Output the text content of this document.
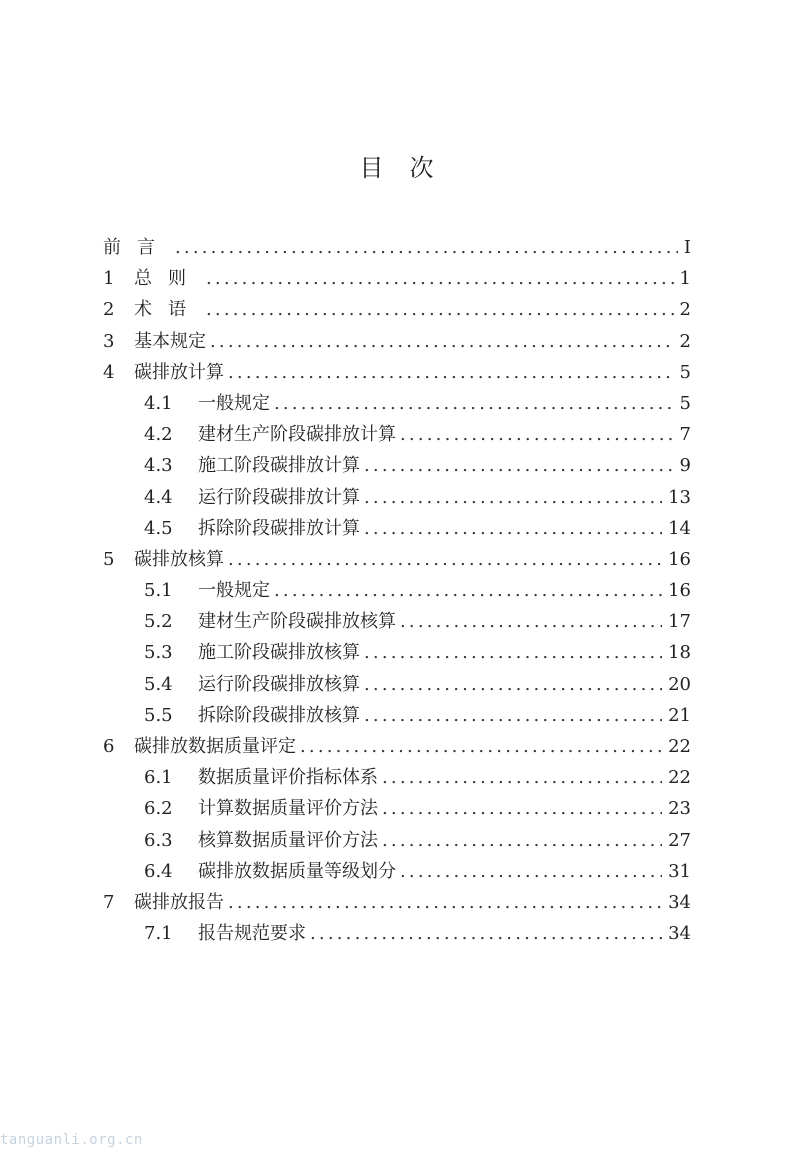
目次
前言 .....	I
1	总则 .....	1
2	术语 .....	2
3	基本规定 .....	2
4	碳排放计算 .....	5
4.1	一般规定 .....	5
4.2	建材生产阶段碳排放计算 .....	7
4.3	施工阶段碳排放计算 .....	9
4.4	运行阶段碳排放计算 .....	13
4.5	拆除阶段碳排放计算 .....	14
5	碳排放核算 .....	16
5.1	一般规定 .....	16
5.2	建材生产阶段碳排放核算 .....	17
5.3	施工阶段碳排放核算 .....	18
5.4	运行阶段碳排放核算 .....	20
5.5	拆除阶段碳排放核算 .....	21
6	碳排放数据质量评定 .....	22
6.1	数据质量评价指标体系 .....	22
6.2	计算数据质量评价方法 .....	23
6.3	核算数据质量评价方法 .....	27
6.4	碳排放数据质量等级划分 .....	31
7	碳排放报告 .....	34
7.1	报告规范要求 .....	34
tanguanli.org.cn
